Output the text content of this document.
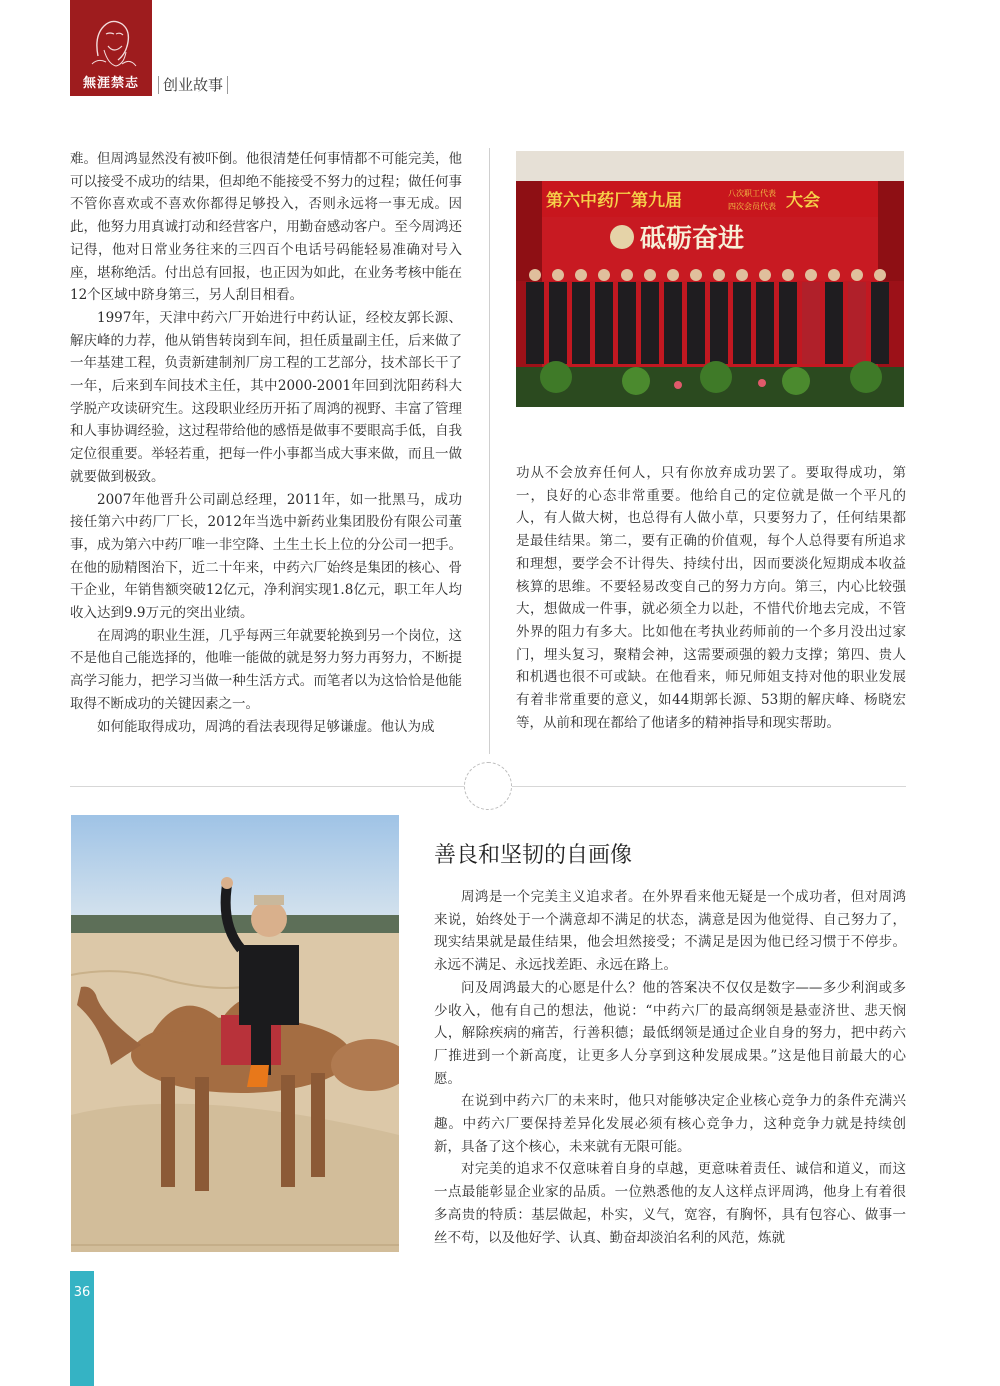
無涯禁志	创业故事

难。但周鸿显然没有被吓倒。他很清楚任何事情都不可能完美，他可以接受不成功的结果，但却绝不能接受不努力的过程；做任何事不管你喜欢或不喜欢你都得足够投入，否则永远将一事无成。因此，他努力用真诚打动和经营客户，用勤奋感动客户。至今周鸿还记得，他对日常业务往来的三四百个电话号码能轻易准确对号入座，堪称绝活。付出总有回报，也正因为如此，在业务考核中能在12个区域中跻身第三，另人刮目相看。

1997年，天津中药六厂开始进行中药认证，经校友郭长源、解庆峰的力荐，他从销售转岗到车间，担任质量副主任，后来做了一年基建工程，负责新建制剂厂房工程的工艺部分，技术部长干了一年，后来到车间技术主任，其中2000-2001年回到沈阳药科大学脱产攻读研究生。这段职业经历开拓了周鸿的视野、丰富了管理和人事协调经验，这过程带给他的感悟是做事不要眼高手低，自我定位很重要。举轻若重，把每一件小事都当成大事来做，而且一做就要做到极致。

2007年他晋升公司副总经理，2011年，如一批黑马，成功接任第六中药厂厂长，2012年当选中新药业集团股份有限公司董事，成为第六中药厂唯一非空降、土生土长上位的分公司一把手。在他的励精图治下，近二十年来，中药六厂始终是集团的核心、骨干企业，年销售额突破12亿元，净利润实现1.8亿元，职工年人均收入达到9.9万元的突出业绩。

在周鸿的职业生涯，几乎每两三年就要轮换到另一个岗位，这不是他自己能选择的，他唯一能做的就是努力努力再努力，不断提高学习能力，把学习当做一种生活方式。而笔者以为这恰恰是他能取得不断成功的关键因素之一。

如何能取得成功，周鸿的看法表现得足够谦虚。他认为成

第六中药厂第九届	八次职工代表
四次会员代表 大会
砥砺奋进

功从不会放弃任何人，只有你放弃成功罢了。要取得成功，第一，良好的心态非常重要。他给自己的定位就是做一个平凡的人，有人做大树，也总得有人做小草，只要努力了，任何结果都是最佳结果。第二，要有正确的价值观，每个人总得要有所追求和理想，要学会不计得失、持续付出，因而要淡化短期成本收益核算的思维。不要轻易改变自己的努力方向。第三，内心比较强大，想做成一件事，就必须全力以赴，不惜代价地去完成，不管外界的阻力有多大。比如他在考执业药师前的一个多月没出过家门，埋头复习，聚精会神，这需要顽强的毅力支撑；第四、贵人和机遇也很不可或缺。在他看来，师兄师姐支持对他的职业发展有着非常重要的意义，如44期郭长源、53期的解庆峰、杨晓宏等，从前和现在都给了他诸多的精神指导和现实帮助。

善良和坚韧的自画像

周鸿是一个完美主义追求者。在外界看来他无疑是一个成功者，但对周鸿来说，始终处于一个满意却不满足的状态，满意是因为他觉得、自己努力了，现实结果就是最佳结果，他会坦然接受；不满足是因为他已经习惯于不停步。永远不满足、永远找差距、永远在路上。

问及周鸿最大的心愿是什么？他的答案决不仅仅是数字——多少利润或多少收入，他有自己的想法，他说：“中药六厂的最高纲领是悬壶济世、悲天悯人，解除疾病的痛苦，行善积德；最低纲领是通过企业自身的努力，把中药六厂推进到一个新高度，让更多人分享到这种发展成果。”这是他目前最大的心愿。

在说到中药六厂的未来时，他只对能够决定企业核心竞争力的条件充满兴趣。中药六厂要保持差异化发展必须有核心竞争力，这种竞争力就是持续创新，具备了这个核心，未来就有无限可能。

对完美的追求不仅意味着自身的卓越，更意味着责任、诚信和道义，而这一点最能彰显企业家的品质。一位熟悉他的友人这样点评周鸿，他身上有着很多高贵的特质：基层做起，朴实，义气，宽容，有胸怀，具有包容心、做事一丝不苟，以及他好学、认真、勤奋却淡泊名利的风范，炼就

36
